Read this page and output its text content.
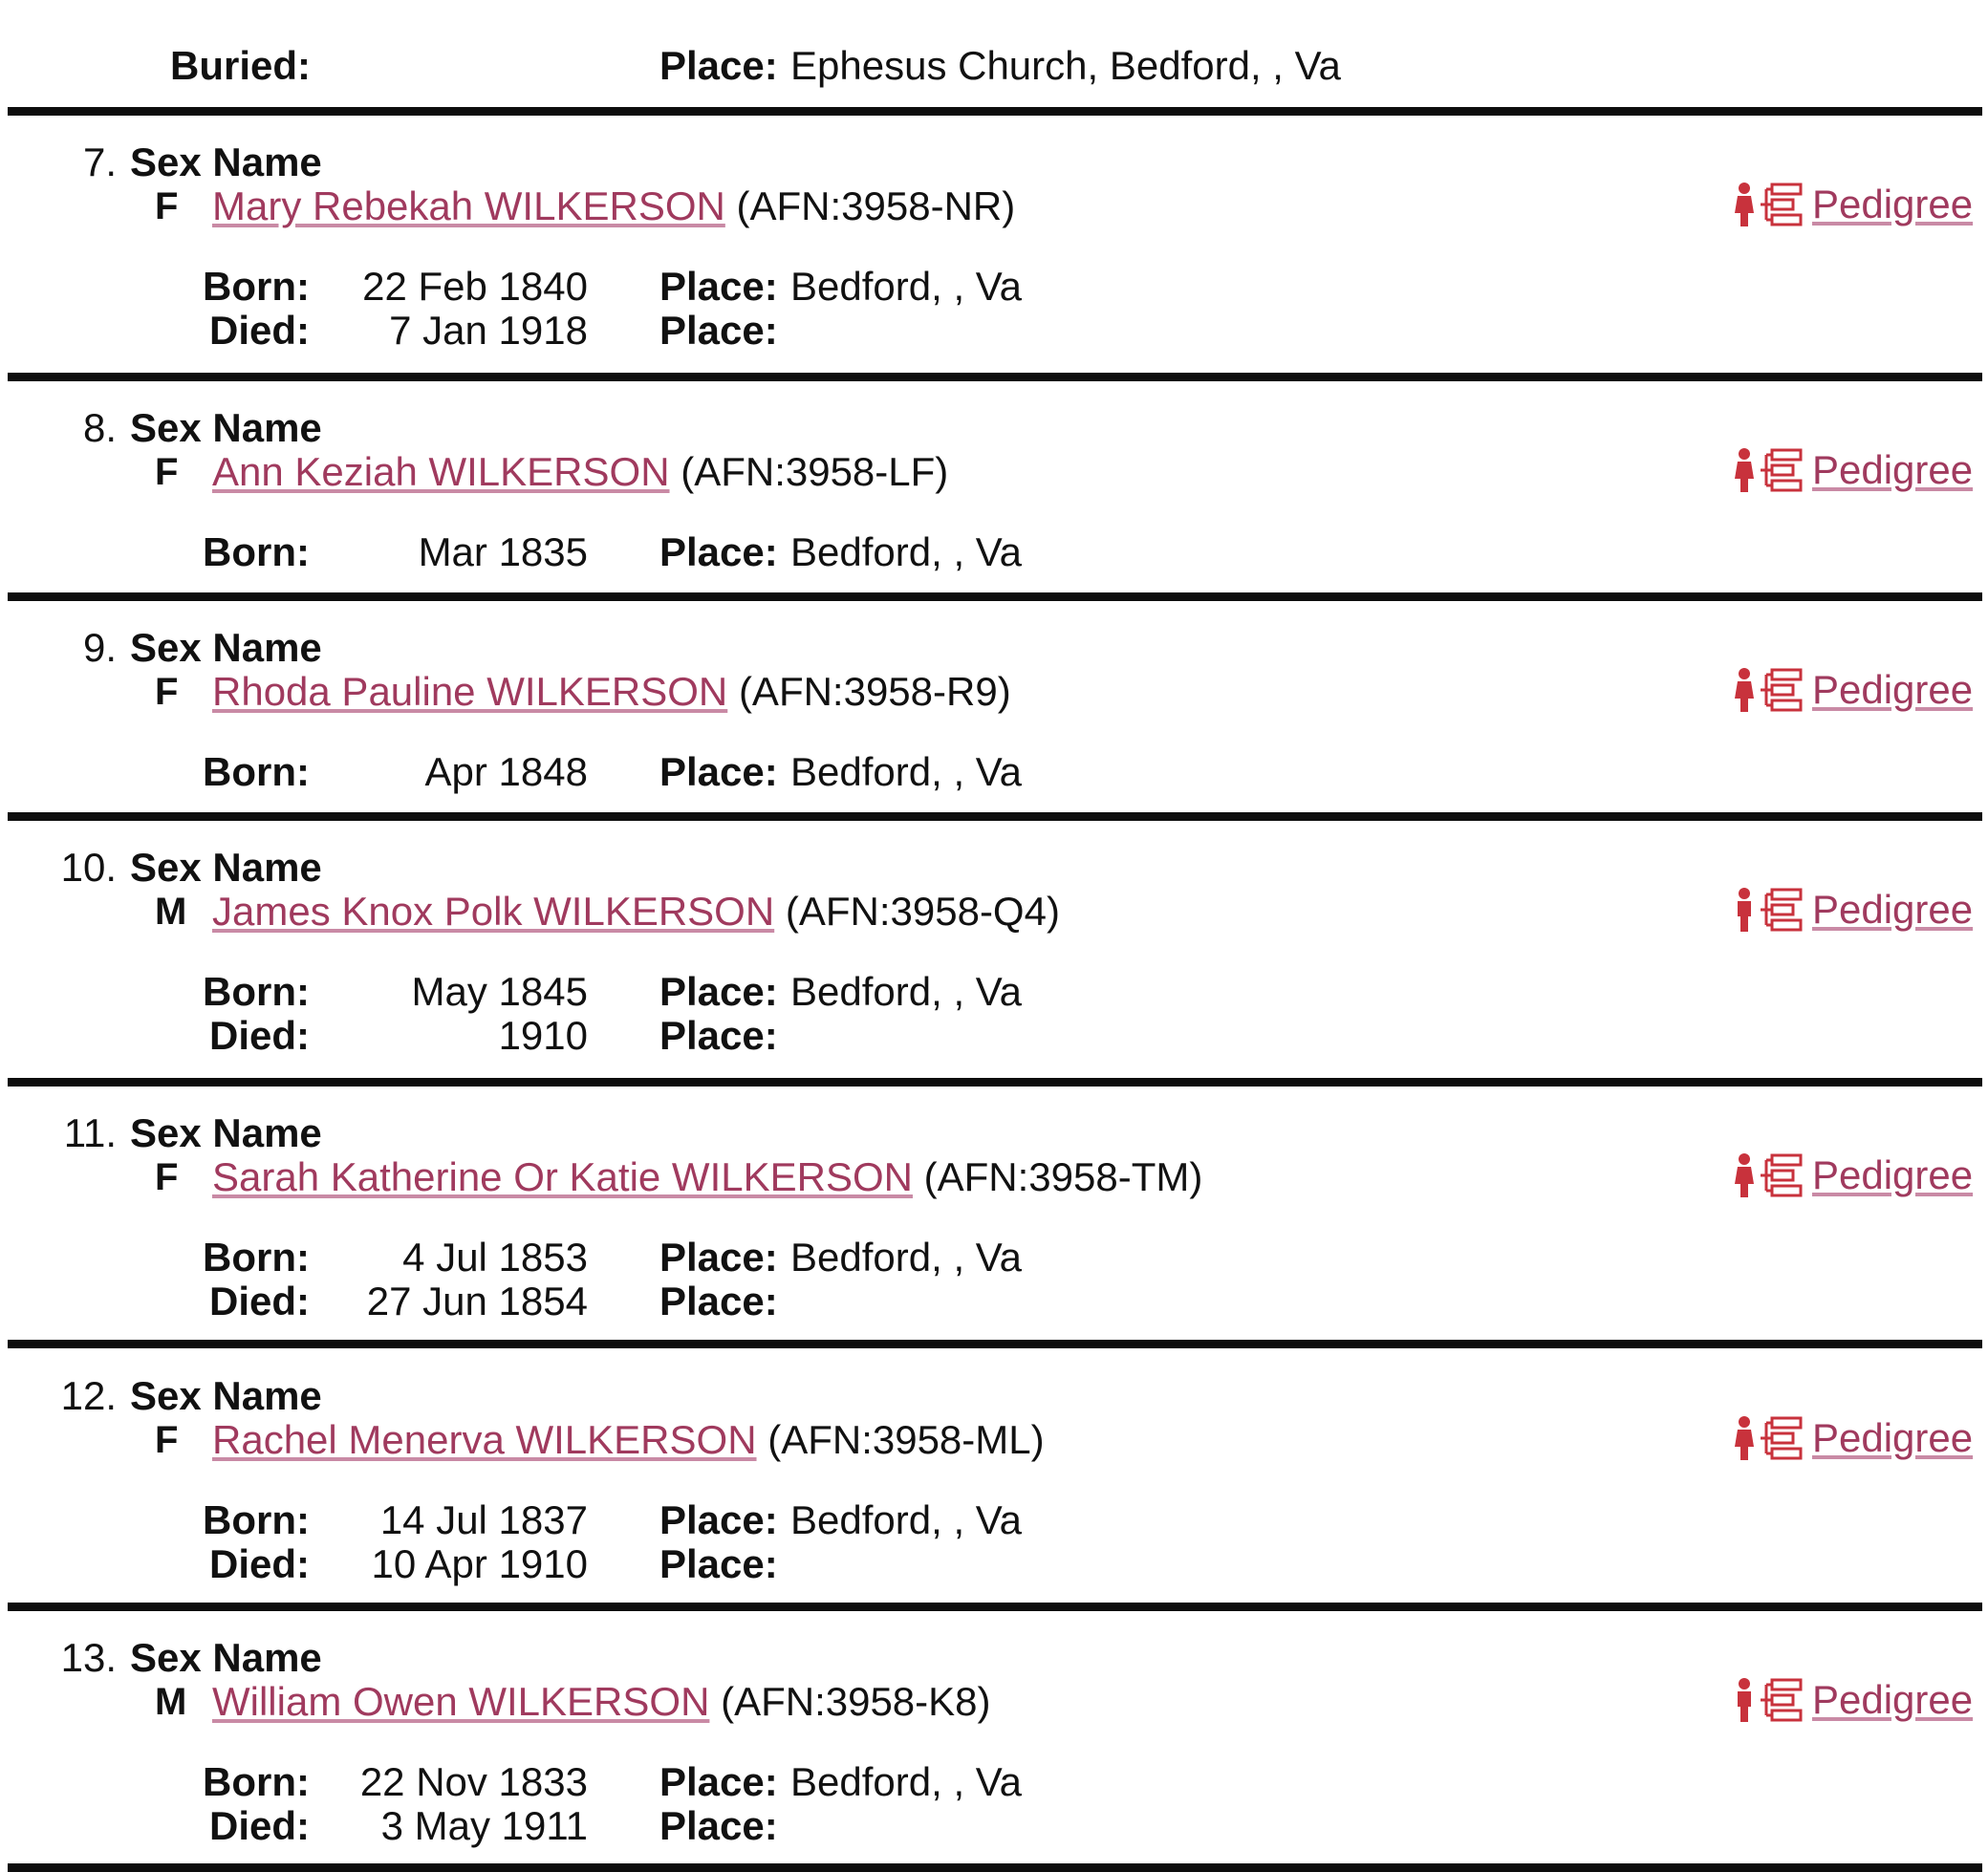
Buried:	Place: Ephesus Church, Bedford, , Va
7. Sex Name
F Mary Rebekah WILKERSON (AFN:3958-NR)	Pedigree
Born:	22 Feb 1840 Place: Bedford, , Va
Died:	7 Jan 1918 Place:
8. Sex Name
F Ann Keziah WILKERSON (AFN:3958-LF)	Pedigree
Born:	Mar 1835 Place: Bedford, , Va
9. Sex Name
F Rhoda Pauline WILKERSON (AFN:3958-R9)	Pedigree
Born:	Apr 1848 Place: Bedford, , Va
10. Sex Name
M James Knox Polk WILKERSON (AFN:3958-Q4)	Pedigree
Born:	May 1845 Place: Bedford, , Va
Died:	1910 Place:
11. Sex Name
F Sarah Katherine Or Katie WILKERSON (AFN:3958-TM)	Pedigree
Born:	4 Jul 1853 Place: Bedford, , Va
Died:	27 Jun 1854 Place:
12. Sex Name
F Rachel Menerva WILKERSON (AFN:3958-ML)	Pedigree
Born:	14 Jul 1837 Place: Bedford, , Va
Died:	10 Apr 1910 Place:
13. Sex Name
M William Owen WILKERSON (AFN:3958-K8)	Pedigree
Born:	22 Nov 1833 Place: Bedford, , Va
Died:	3 May 1911 Place:
